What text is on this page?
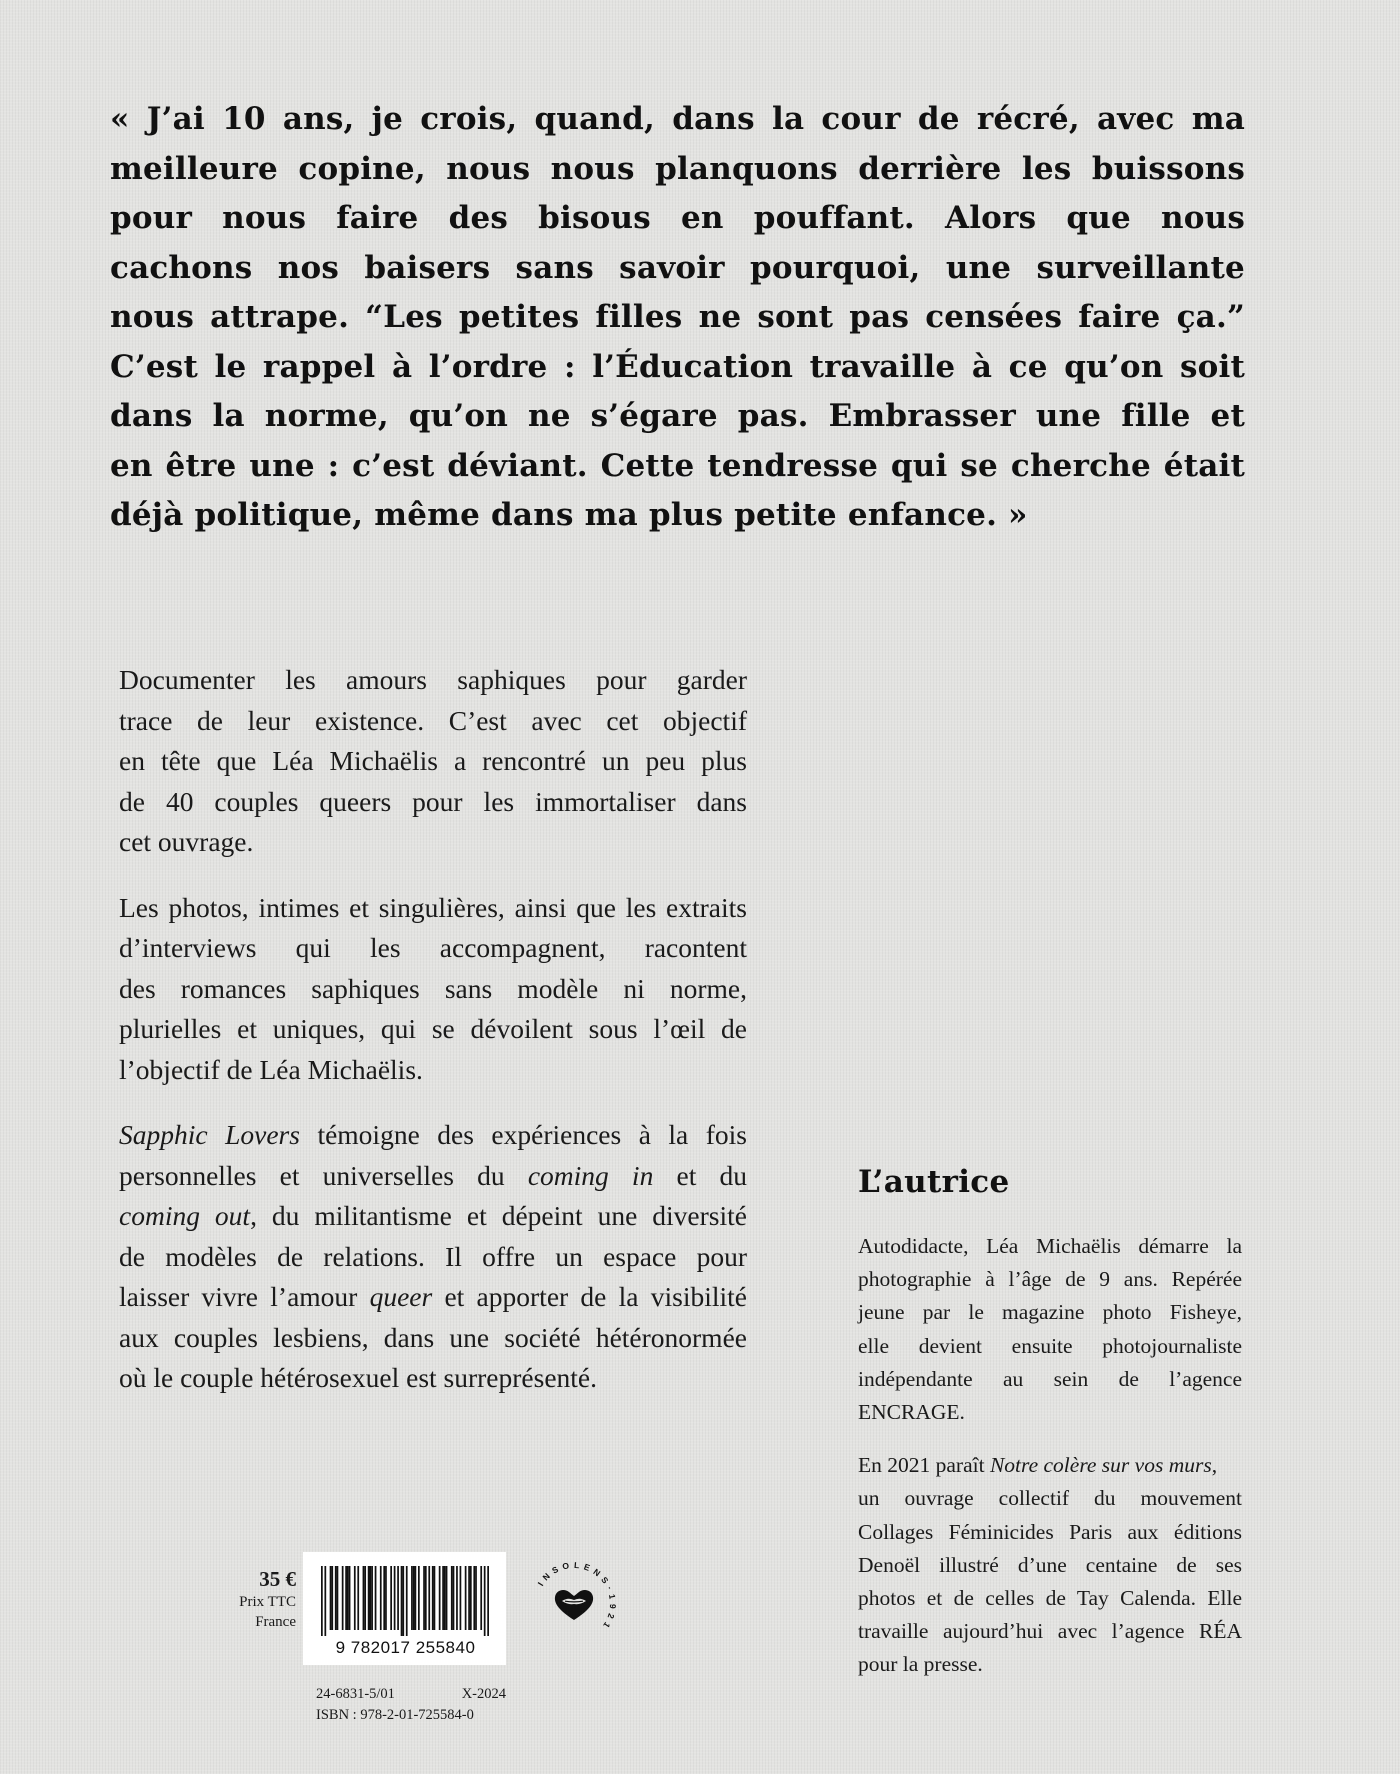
« J’ai 10 ans, je crois, quand, dans la cour de récré, avec ma
meilleure copine, nous nous planquons derrière les buissons
pour nous faire des bisous en pouffant. Alors que nous
cachons nos baisers sans savoir pourquoi, une surveillante
nous attrape. “Les petites filles ne sont pas censées faire ça.”
C’est le rappel à l’ordre : l’Éducation travaille à ce qu’on soit
dans la norme, qu’on ne s’égare pas. Embrasser une fille et
en être une : c’est déviant. Cette tendresse qui se cherche était
déjà politique, même dans ma plus petite enfance. »

Documenter les amours saphiques pour garder
trace de leur existence. C’est avec cet objectif
en tête que Léa Michaëlis a rencontré un peu plus
de 40 couples queers pour les immortaliser dans
cet ouvrage.

Les photos, intimes et singulières, ainsi que les extraits
d’interviews qui les accompagnent, racontent
des romances saphiques sans modèle ni norme,
plurielles et uniques, qui se dévoilent sous l’œil de
l’objectif de Léa Michaëlis.

Sapphic Lovers témoigne des expériences à la fois
personnelles et universelles du coming in et du
coming out, du militantisme et dépeint une diversité
de modèles de relations. Il offre un espace pour
laisser vivre l’amour queer et apporter de la visibilité
aux couples lesbiens, dans une société hétéronormée
où le couple hétérosexuel est surreprésenté.

L’autrice

Autodidacte, Léa Michaëlis démarre la
photographie à l’âge de 9 ans. Repérée
jeune par le magazine photo Fisheye,
elle devient ensuite photojournaliste
indépendante au sein de l’agence
ENCRAGE.

En 2021 paraît Notre colère sur vos murs,
un ouvrage collectif du mouvement
Collages Féminicides Paris aux éditions
Denoël illustré d’une centaine de ses
photos et de celles de Tay Calenda. Elle
travaille aujourd’hui avec l’agence RÉA
pour la presse.

35 €
Prix TTC
France
9 782017 255840
24-6831-5/01	X-2024
ISBN : 978-2-01-725584-0
I N S O L E N S · 1 9 2 1
